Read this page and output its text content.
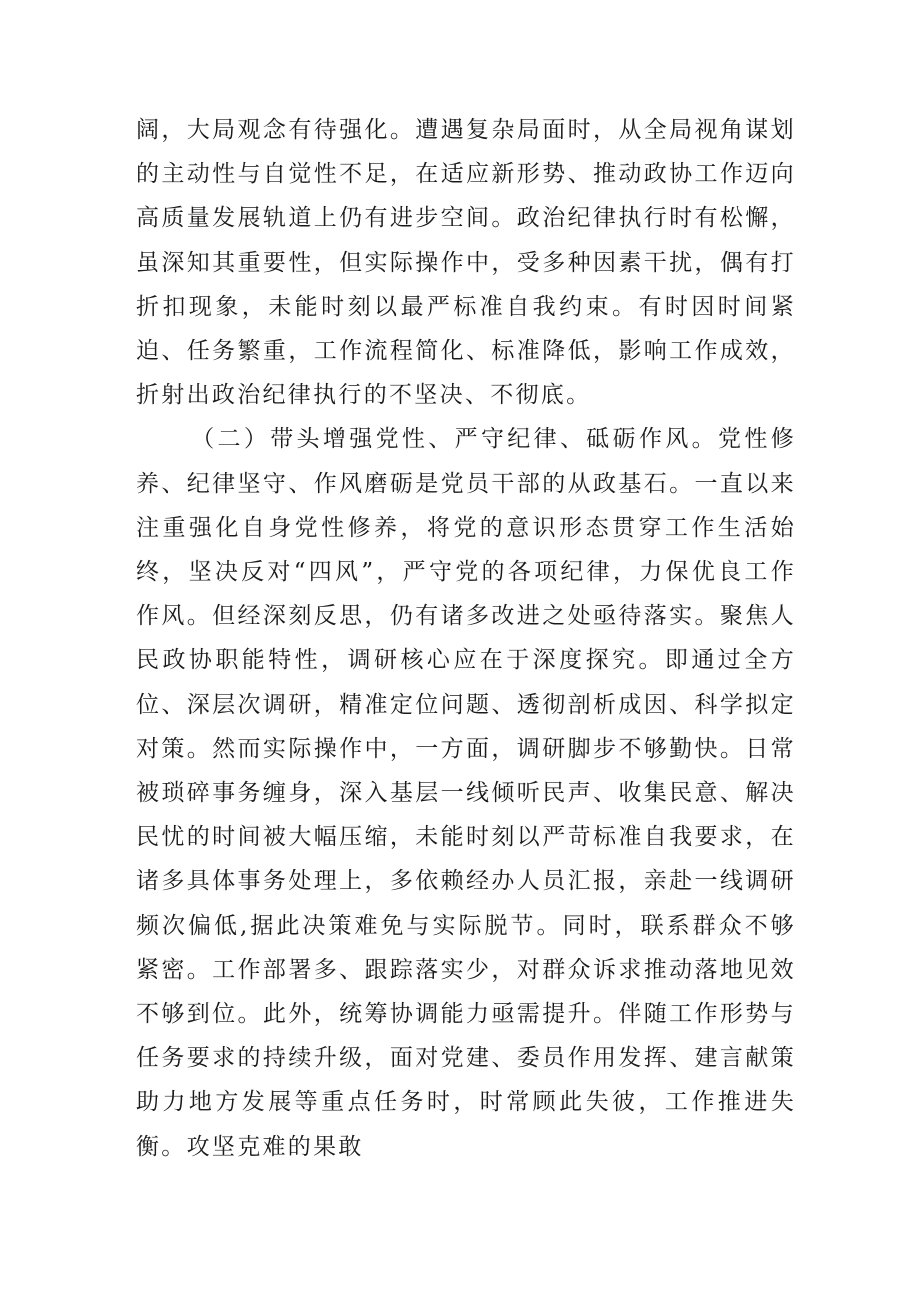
阔，大局观念有待强化。遭遇复杂局面时，从全局视角谋划的主动性与自觉性不足，在适应新形势、推动政协工作迈向高质量发展轨道上仍有进步空间。政治纪律执行时有松懈，虽深知其重要性，但实际操作中，受多种因素干扰，偶有打折扣现象，未能时刻以最严标准自我约束。有时因时间紧迫、任务繁重，工作流程简化、标准降低，影响工作成效，折射出政治纪律执行的不坚决、不彻底。

（二）带头增强党性、严守纪律、砥砺作风。党性修养、纪律坚守、作风磨砺是党员干部的从政基石。一直以来注重强化自身党性修养，将党的意识形态贯穿工作生活始终，坚决反对“四风”，严守党的各项纪律，力保优良工作作风。但经深刻反思，仍有诸多改进之处亟待落实。聚焦人民政协职能特性，调研核心应在于深度探究。即通过全方位、深层次调研，精准定位问题、透彻剖析成因、科学拟定对策。然而实际操作中，一方面，调研脚步不够勤快。日常被琐碎事务缠身，深入基层一线倾听民声、收集民意、解决民忧的时间被大幅压缩，未能时刻以严苛标准自我要求，在诸多具体事务处理上，多依赖经办人员汇报，亲赴一线调研频次偏低,据此决策难免与实际脱节。同时，联系群众不够紧密。工作部署多、跟踪落实少，对群众诉求推动落地见效不够到位。此外，统筹协调能力亟需提升。伴随工作形势与任务要求的持续升级，面对党建、委员作用发挥、建言献策助力地方发展等重点任务时，时常顾此失彼，工作推进失衡。攻坚克难的果敢
